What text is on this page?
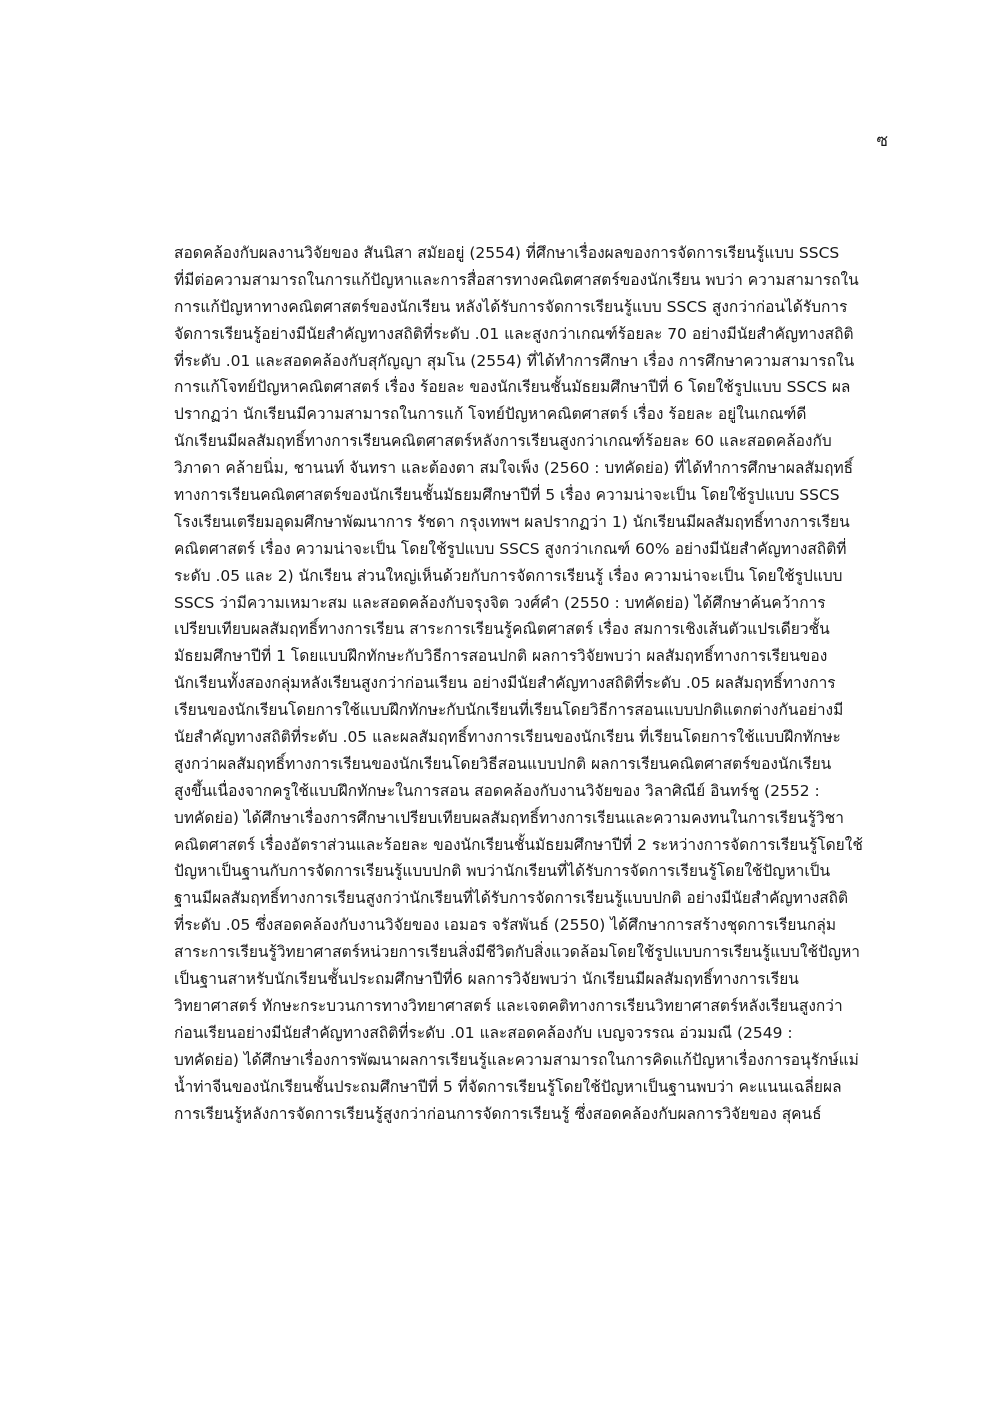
ซ
สอดคล้องกับผลงานวิจัยของ สันนิสา สมัยอยู่ (2554) ที่ศึกษาเรื่องผลของการจัดการเรียนรู้แบบ SSCS
ที่มีต่อความสามารถในการแก้ปัญหาและการสื่อสารทางคณิตศาสตร์ของนักเรียน พบว่า ความสามารถใน
การแก้ปัญหาทางคณิตศาสตร์ของนักเรียน หลังได้รับการจัดการเรียนรู้แบบ SSCS สูงกว่าก่อนได้รับการ
จัดการเรียนรู้อย่างมีนัยสำคัญทางสถิติที่ระดับ .01 และสูงกว่าเกณฑ์ร้อยละ 70 อย่างมีนัยสำคัญทางสถิติ
ที่ระดับ .01 และสอดคล้องกับสุกัญญา สุมโน (2554) ที่ได้ทำการศึกษา เรื่อง การศึกษาความสามารถใน
การแก้โจทย์ปัญหาคณิตศาสตร์ เรื่อง ร้อยละ ของนักเรียนชั้นมัธยมศึกษาปีที่ 6 โดยใช้รูปแบบ SSCS ผล
ปรากฏว่า นักเรียนมีความสามารถในการแก้ โจทย์ปัญหาคณิตศาสตร์ เรื่อง ร้อยละ อยู่ในเกณฑ์ดี
นักเรียนมีผลสัมฤทธิ์ทางการเรียนคณิตศาสตร์หลังการเรียนสูงกว่าเกณฑ์ร้อยละ 60 และสอดคล้องกับ
วิภาดา คล้ายนิ่ม, ชานนท์ จันทรา และต้องตา สมใจเพ็ง (2560 : บทคัดย่อ) ที่ได้ทำการศึกษาผลสัมฤทธิ์
ทางการเรียนคณิตศาสตร์ของนักเรียนชั้นมัธยมศึกษาปีที่ 5 เรื่อง ความน่าจะเป็น โดยใช้รูปแบบ SSCS
โรงเรียนเตรียมอุดมศึกษาพัฒนาการ รัชดา กรุงเทพฯ ผลปรากฏว่า 1) นักเรียนมีผลสัมฤทธิ์ทางการเรียน
คณิตศาสตร์ เรื่อง ความน่าจะเป็น โดยใช้รูปแบบ SSCS สูงกว่าเกณฑ์ 60% อย่างมีนัยสำคัญทางสถิติที่
ระดับ .05 และ 2) นักเรียน ส่วนใหญ่เห็นด้วยกับการจัดการเรียนรู้ เรื่อง ความน่าจะเป็น โดยใช้รูปแบบ
SSCS ว่ามีความเหมาะสม และสอดคล้องกับจรุงจิต วงศ์คำ (2550 : บทคัดย่อ) ได้ศึกษาค้นคว้าการ
เปรียบเทียบผลสัมฤทธิ์ทางการเรียน สาระการเรียนรู้คณิตศาสตร์ เรื่อง สมการเชิงเส้นตัวแปรเดียวชั้น
มัธยมศึกษาปีที่ 1 โดยแบบฝึกทักษะกับวิธีการสอนปกติ ผลการวิจัยพบว่า ผลสัมฤทธิ์ทางการเรียนของ
นักเรียนทั้งสองกลุ่มหลังเรียนสูงกว่าก่อนเรียน อย่างมีนัยสำคัญทางสถิติที่ระดับ .05 ผลสัมฤทธิ์ทางการ
เรียนของนักเรียนโดยการใช้แบบฝึกทักษะกับนักเรียนที่เรียนโดยวิธีการสอนแบบปกติแตกต่างกันอย่างมี
นัยสำคัญทางสถิติที่ระดับ .05 และผลสัมฤทธิ์ทางการเรียนของนักเรียน ที่เรียนโดยการใช้แบบฝึกทักษะ
สูงกว่าผลสัมฤทธิ์ทางการเรียนของนักเรียนโดยวิธีสอนแบบปกติ ผลการเรียนคณิตศาสตร์ของนักเรียน
สูงขึ้นเนื่องจากครูใช้แบบฝึกทักษะในการสอน สอดคล้องกับงานวิจัยของ วิลาศิณีย์ อินทร์ชู (2552 :
บทคัดย่อ) ได้ศึกษาเรื่องการศึกษาเปรียบเทียบผลสัมฤทธิ์ทางการเรียนและความคงทนในการเรียนรู้วิชา
คณิตศาสตร์ เรื่องอัตราส่วนและร้อยละ ของนักเรียนชั้นมัธยมศึกษาปีที่ 2 ระหว่างการจัดการเรียนรู้โดยใช้
ปัญหาเป็นฐานกับการจัดการเรียนรู้แบบปกติ พบว่านักเรียนที่ได้รับการจัดการเรียนรู้โดยใช้ปัญหาเป็น
ฐานมีผลสัมฤทธิ์ทางการเรียนสูงกว่านักเรียนที่ได้รับการจัดการเรียนรู้แบบปกติ อย่างมีนัยสำคัญทางสถิติ
ที่ระดับ .05 ซึ่งสอดคล้องกับงานวิจัยของ เอมอร จรัสพันธ์ (2550) ได้ศึกษาการสร้างชุดการเรียนกลุ่ม
สาระการเรียนรู้วิทยาศาสตร์หน่วยการเรียนสิ่งมีชีวิตกับสิ่งแวดล้อมโดยใช้รูปแบบการเรียนรู้แบบใช้ปัญหา
เป็นฐานสาหรับนักเรียนชั้นประถมศึกษาปีที่6 ผลการวิจัยพบว่า นักเรียนมีผลสัมฤทธิ์ทางการเรียน
วิทยาศาสตร์ ทักษะกระบวนการทางวิทยาศาสตร์ และเจตคติทางการเรียนวิทยาศาสตร์หลังเรียนสูงกว่า
ก่อนเรียนอย่างมีนัยสำคัญทางสถิติที่ระดับ .01 และสอดคล้องกับ เบญจวรรณ อ่วมมณี (2549 :
บทคัดย่อ) ได้ศึกษาเรื่องการพัฒนาผลการเรียนรู้และความสามารถในการคิดแก้ปัญหาเรื่องการอนุรักษ์แม่
น้ำท่าจีนของนักเรียนชั้นประถมศึกษาปีที่ 5 ที่จัดการเรียนรู้โดยใช้ปัญหาเป็นฐานพบว่า คะแนนเฉลี่ยผล
การเรียนรู้หลังการจัดการเรียนรู้สูงกว่าก่อนการจัดการเรียนรู้ ซึ่งสอดคล้องกับผลการวิจัยของ สุคนธ์
